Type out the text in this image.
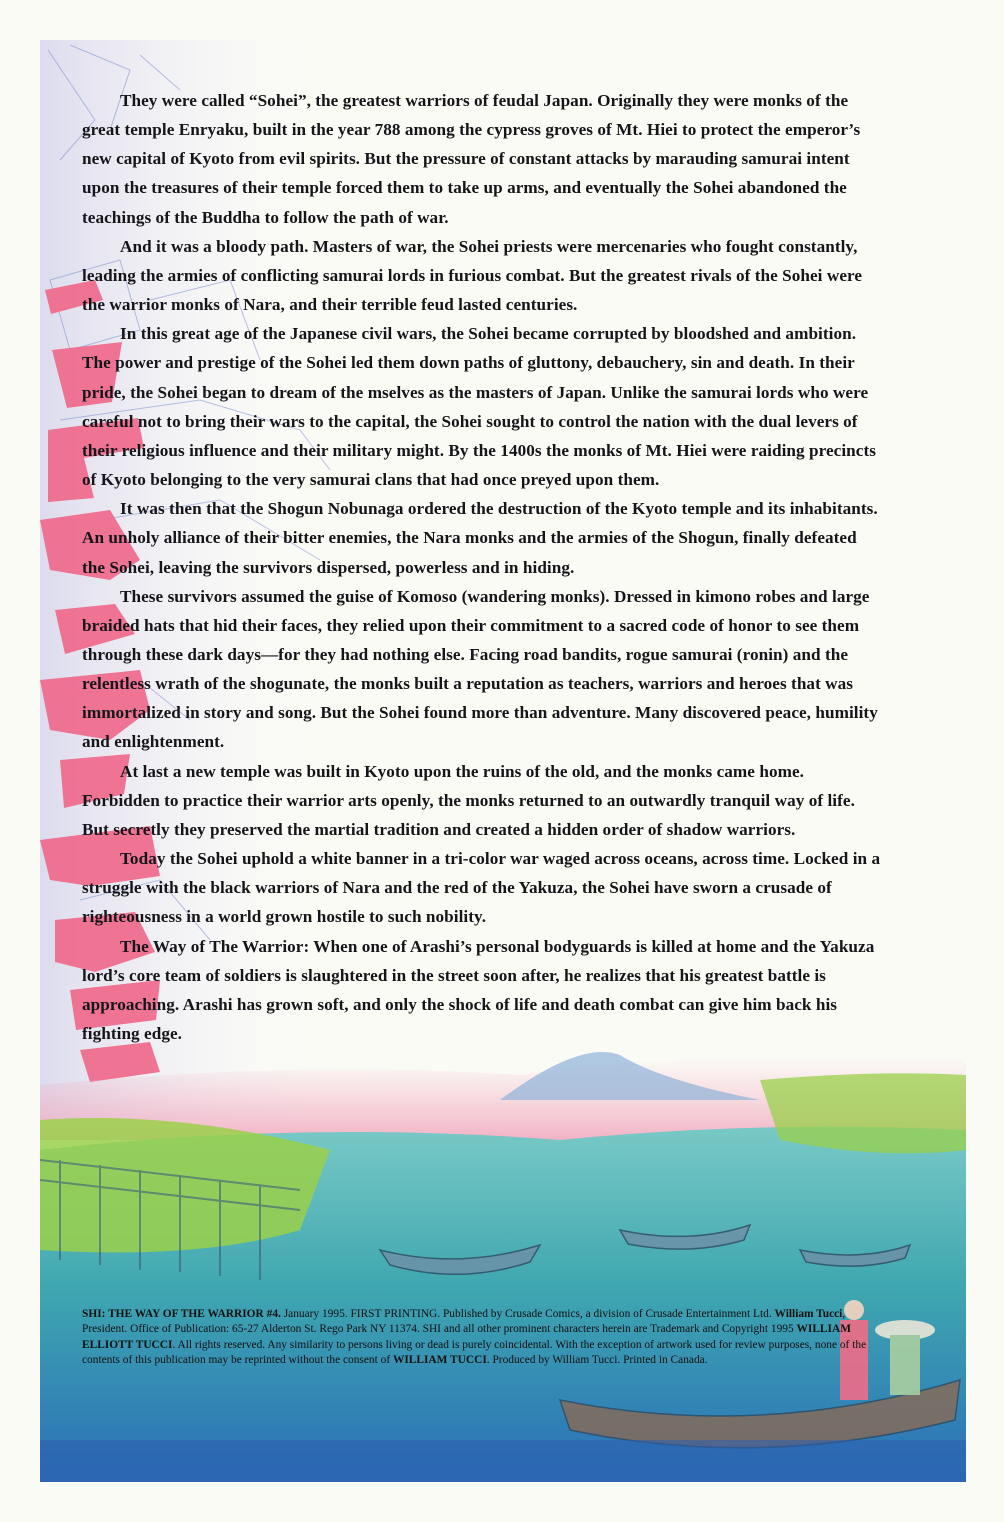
They were called “Sohei”, the greatest warriors of feudal Japan. Originally they were monks of the great temple Enryaku, built in the year 788 among the cypress groves of Mt. Hiei to protect the emperor’s new capital of Kyoto from evil spirits. But the pressure of constant attacks by marauding samurai intent upon the treasures of their temple forced them to take up arms, and eventually the Sohei abandoned the teachings of the Buddha to follow the path of war.

And it was a bloody path. Masters of war, the Sohei priests were mercenaries who fought constantly, leading the armies of conflicting samurai lords in furious combat. But the greatest rivals of the Sohei were the warrior monks of Nara, and their terrible feud lasted centuries.

In this great age of the Japanese civil wars, the Sohei became corrupted by bloodshed and ambition. The power and prestige of the Sohei led them down paths of gluttony, debauchery, sin and death. In their pride, the Sohei began to dream of the mselves as the masters of Japan. Unlike the samurai lords who were careful not to bring their wars to the capital, the Sohei sought to control the nation with the dual levers of their religious influence and their military might. By the 1400s the monks of Mt. Hiei were raiding precincts of Kyoto belonging to the very samurai clans that had once preyed upon them.

It was then that the Shogun Nobunaga ordered the destruction of the Kyoto temple and its inhabitants. An unholy alliance of their bitter enemies, the Nara monks and the armies of the Shogun, finally defeated the Sohei, leaving the survivors dispersed, powerless and in hiding.

These survivors assumed the guise of Komoso (wandering monks). Dressed in kimono robes and large braided hats that hid their faces, they relied upon their commitment to a sacred code of honor to see them through these dark days—for they had nothing else. Facing road bandits, rogue samurai (ronin) and the relentless wrath of the shogunate, the monks built a reputation as teachers, warriors and heroes that was immortalized in story and song. But the Sohei found more than adventure. Many discovered peace, humility and enlightenment.

At last a new temple was built in Kyoto upon the ruins of the old, and the monks came home. Forbidden to practice their warrior arts openly, the monks returned to an outwardly tranquil way of life. But secretly they preserved the martial tradition and created a hidden order of shadow warriors.

Today the Sohei uphold a white banner in a tri-color war waged across oceans, across time. Locked in a struggle with the black warriors of Nara and the red of the Yakuza, the Sohei have sworn a crusade of righteousness in a world grown hostile to such nobility.

The Way of The Warrior: When one of Arashi’s personal bodyguards is killed at home and the Yakuza lord’s core team of soldiers is slaughtered in the street soon after, he realizes that his greatest battle is approaching. Arashi has grown soft, and only the shock of life and death combat can give him back his fighting edge.

SHI: THE WAY OF THE WARRIOR #4. January 1995. FIRST PRINTING. Published by Crusade Comics, a division of Crusade Entertainment Ltd. William Tucci, President. Office of Publication: 65-27 Alderton St. Rego Park NY 11374. SHI and all other prominent characters herein are Trademark and Copyright 1995 WILLIAM ELLIOTT TUCCI. All rights reserved. Any similarity to persons living or dead is purely coincidental. With the exception of artwork used for review purposes, none of the contents of this publication may be reprinted without the consent of WILLIAM TUCCI. Produced by William Tucci. Printed in Canada.
